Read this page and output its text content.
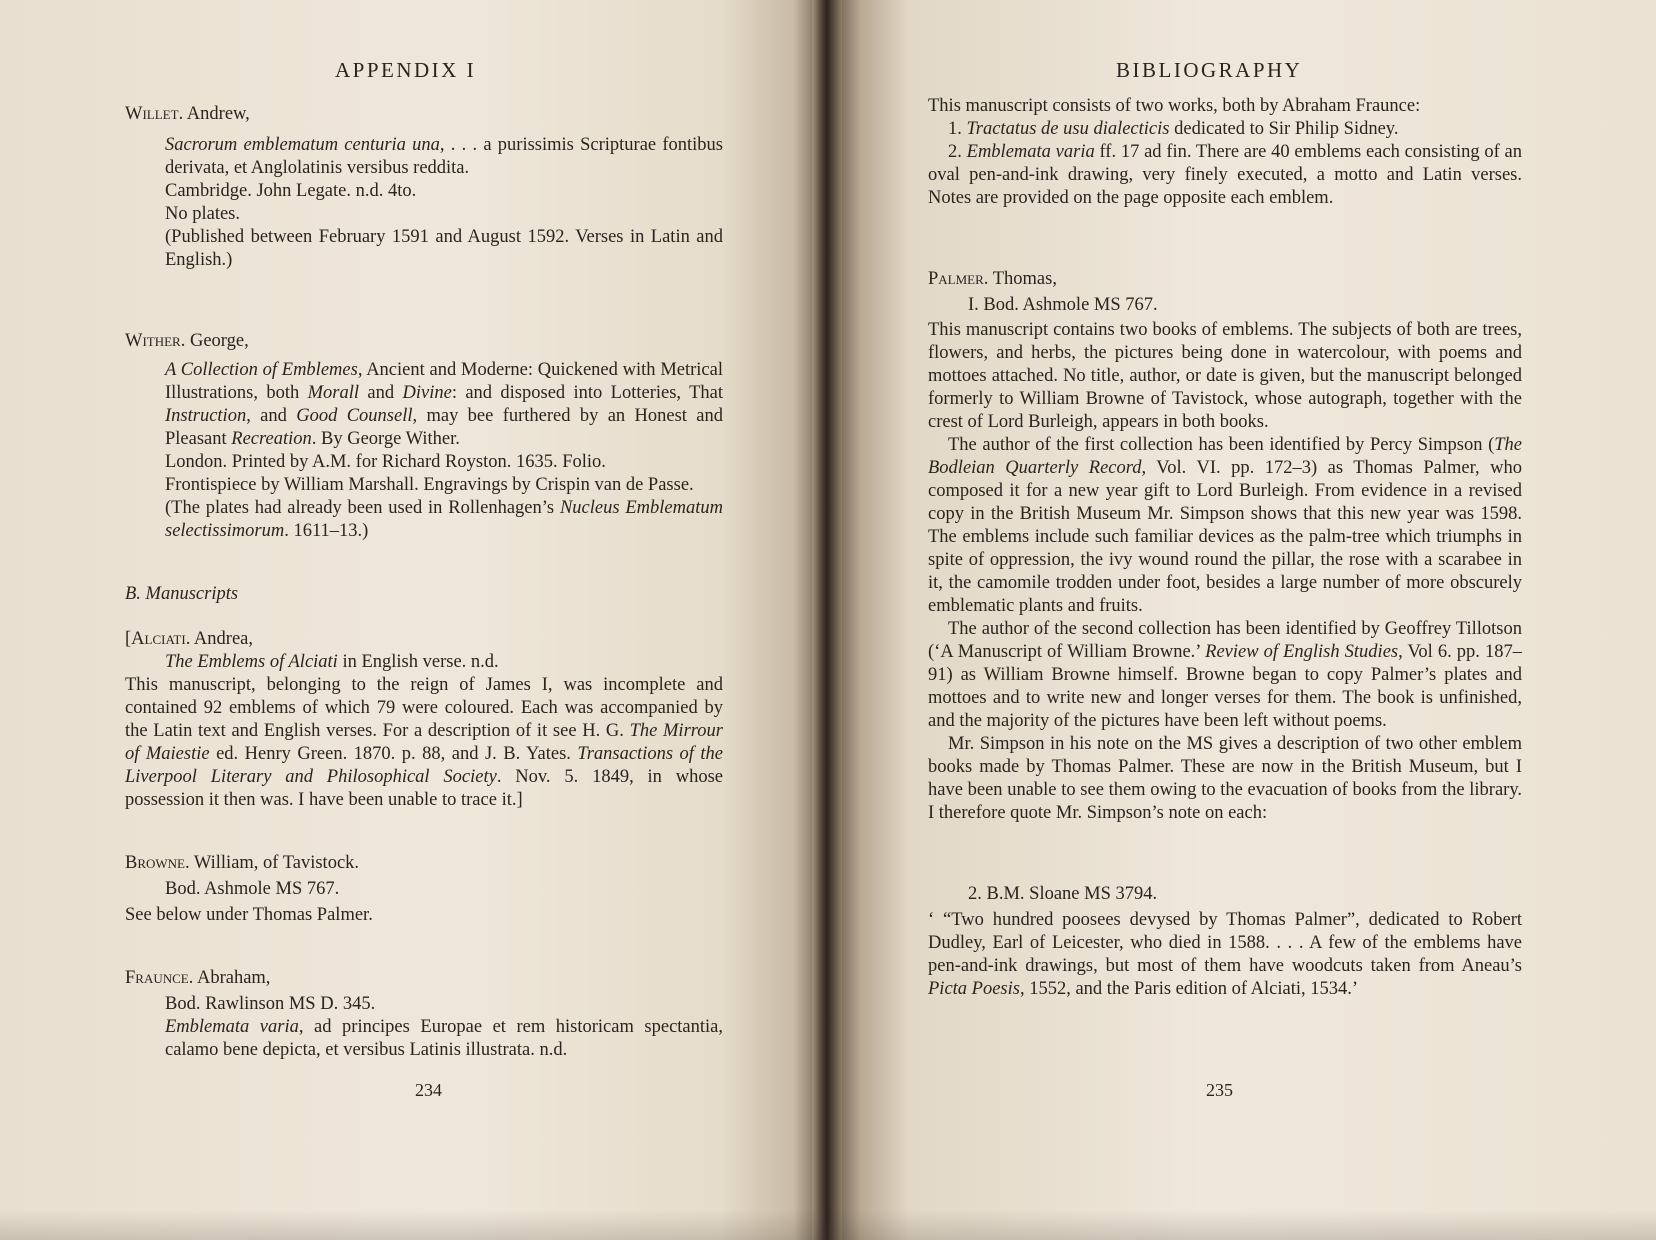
APPENDIX I

Willet. Andrew,

Sacrorum emblematum centuria una, . . . a purissimis Scripturae fontibus derivata, et Anglolatinis versibus reddita.

Cambridge. John Legate. n.d. 4to.

No plates.

(Published between February 1591 and August 1592. Verses in Latin and English.)

Wither. George,

A Collection of Emblemes, Ancient and Moderne: Quickened with Metrical Illustrations, both Morall and Divine: and disposed into Lotteries, That Instruction, and Good Counsell, may bee furthered by an Honest and Pleasant Recreation. By George Wither.

London. Printed by A.M. for Richard Royston. 1635. Folio.

Frontispiece by William Marshall. Engravings by Crispin van de Passe.

(The plates had already been used in Rollenhagen’s Nucleus Emblematum selectissimorum. 1611–13.)

B. Manuscripts

[Alciati. Andrea,

The Emblems of Alciati in English verse. n.d.

This manuscript, belonging to the reign of James I, was incomplete and contained 92 emblems of which 79 were coloured. Each was accompanied by the Latin text and English verses. For a description of it see H. G. The Mirrour of Maiestie ed. Henry Green. 1870. p. 88, and J. B. Yates. Transactions of the Liverpool Literary and Philosophical Society. Nov. 5. 1849, in whose possession it then was. I have been unable to trace it.]

Browne. William, of Tavistock.

Bod. Ashmole MS 767.

See below under Thomas Palmer.

Fraunce. Abraham,

Bod. Rawlinson MS D. 345.

Emblemata varia, ad principes Europae et rem historicam spectantia, calamo bene depicta, et versibus Latinis illustrata. n.d.

234
BIBLIOGRAPHY

This manuscript consists of two works, both by Abraham Fraunce:

1. Tractatus de usu dialecticis dedicated to Sir Philip Sidney.

2. Emblemata varia ff. 17 ad fin. There are 40 emblems each consisting of an oval pen-and-ink drawing, very finely executed, a motto and Latin verses. Notes are provided on the page opposite each emblem.

Palmer. Thomas,

I. Bod. Ashmole MS 767.

This manuscript contains two books of emblems. The subjects of both are trees, flowers, and herbs, the pictures being done in watercolour, with poems and mottoes attached. No title, author, or date is given, but the manuscript belonged formerly to William Browne of Tavistock, whose autograph, together with the crest of Lord Burleigh, appears in both books.

The author of the first collection has been identified by Percy Simpson (The Bodleian Quarterly Record, Vol. VI. pp. 172–3) as Thomas Palmer, who composed it for a new year gift to Lord Burleigh. From evidence in a revised copy in the British Museum Mr. Simpson shows that this new year was 1598. The emblems include such familiar devices as the palm-tree which triumphs in spite of oppression, the ivy wound round the pillar, the rose with a scarabee in it, the camomile trodden under foot, besides a large number of more obscurely emblematic plants and fruits.

The author of the second collection has been identified by Geoffrey Tillotson (‘A Manuscript of William Browne.’ Review of English Studies, Vol 6. pp. 187–91) as William Browne himself. Browne began to copy Palmer’s plates and mottoes and to write new and longer verses for them. The book is unfinished, and the majority of the pictures have been left without poems.

Mr. Simpson in his note on the MS gives a description of two other emblem books made by Thomas Palmer. These are now in the British Museum, but I have been unable to see them owing to the evacuation of books from the library. I therefore quote Mr. Simpson’s note on each:

2. B.M. Sloane MS 3794.

‘ “Two hundred poosees devysed by Thomas Palmer”, dedicated to Robert Dudley, Earl of Leicester, who died in 1588. . . . A few of the emblems have pen-and-ink drawings, but most of them have woodcuts taken from Aneau’s Picta Poesis, 1552, and the Paris edition of Alciati, 1534.’

235
